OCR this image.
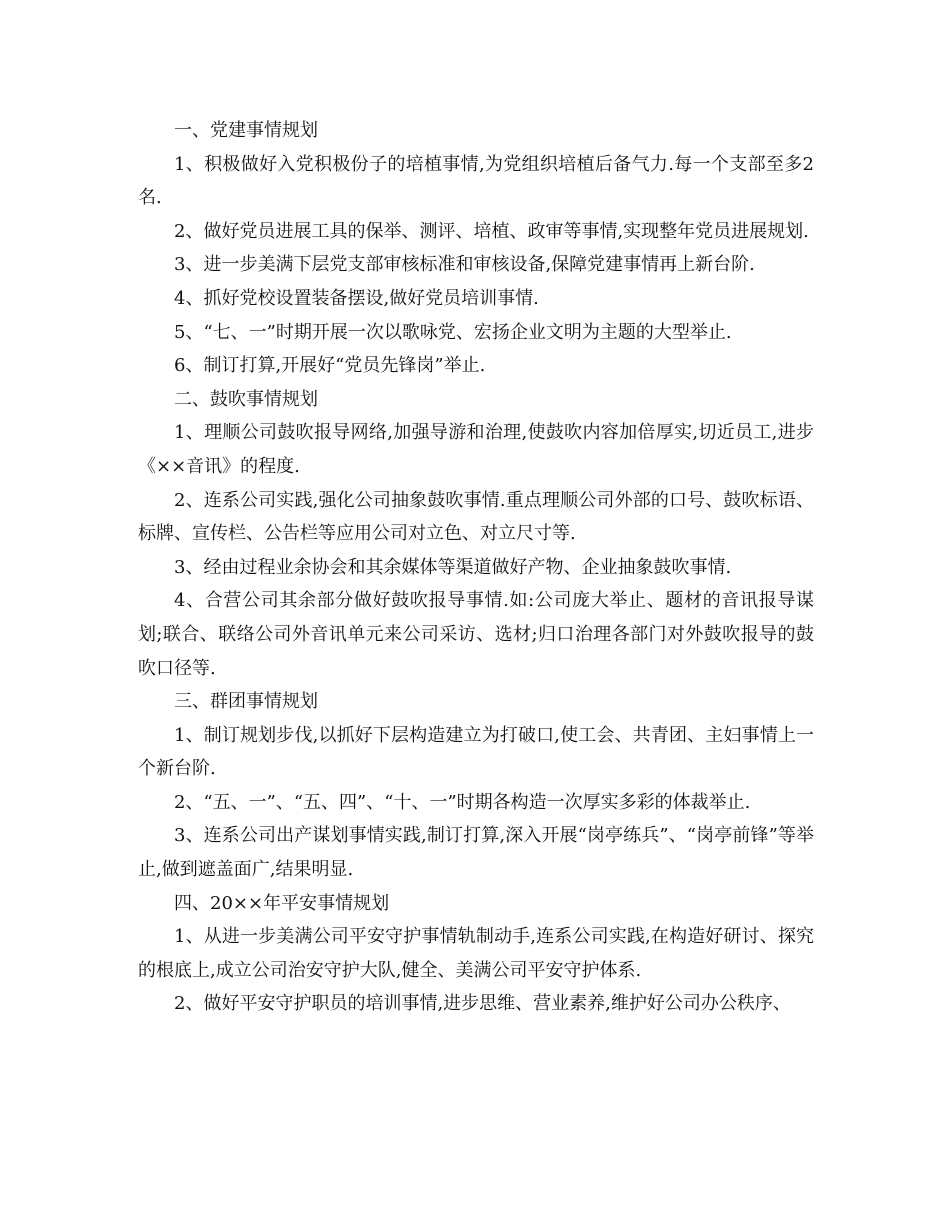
一、党建事情规划

1、积极做好入党积极份子的培植事情,为党组织培植后备气力.每一个支部至多2名.

2、做好党员进展工具的保举、测评、培植、政审等事情,实现整年党员进展规划.

3、进一步美满下层党支部审核标准和审核设备,保障党建事情再上新台阶.

4、抓好党校设置装备摆设,做好党员培训事情.

5、“七、一”时期开展一次以歌咏党、宏扬企业文明为主题的大型举止.

6、制订打算,开展好“党员先锋岗”举止.

二、鼓吹事情规划

1、理顺公司鼓吹报导网络,加强导游和治理,使鼓吹内容加倍厚实,切近员工,进步《××音讯》的程度.

2、连系公司实践,强化公司抽象鼓吹事情.重点理顺公司外部的口号、鼓吹标语、标牌、宣传栏、公告栏等应用公司对立色、对立尺寸等.

3、经由过程业余协会和其余媒体等渠道做好产物、企业抽象鼓吹事情.

4、合营公司其余部分做好鼓吹报导事情.如:公司庞大举止、题材的音讯报导谋划;联合、联络公司外音讯单元来公司采访、选材;归口治理各部门对外鼓吹报导的鼓吹口径等.

三、群团事情规划

1、制订规划步伐,以抓好下层构造建立为打破口,使工会、共青团、主妇事情上一个新台阶.

2、“五、一”、“五、四”、“十、一”时期各构造一次厚实多彩的体裁举止.

3、连系公司出产谋划事情实践,制订打算,深入开展“岗亭练兵”、“岗亭前锋”等举止,做到遮盖面广,结果明显.

四、20××年平安事情规划

1、从进一步美满公司平安守护事情轨制动手,连系公司实践,在构造好研讨、探究的根底上,成立公司治安守护大队,健全、美满公司平安守护体系.

2、做好平安守护职员的培训事情,进步思维、营业素养,维护好公司办公秩序、
